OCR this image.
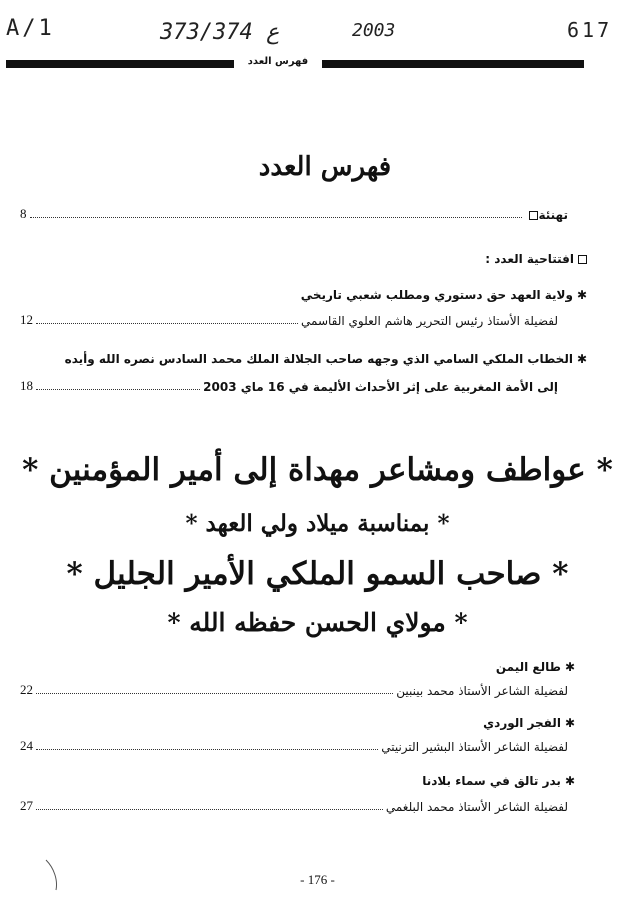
A/1	373/374 ع	2003	617
فهرس العدد
فهرس العدد
8	تهنئة
افتتاحية العدد :
✱ولاية العهد حق دستوري ومطلب شعبي تاريخي
12	لفضيلة الأستاذ رئيس التحرير هاشم العلوي القاسمي
✱الخطاب الملكي السامي الذي وجهه صاحب الجلالة الملك محمد السادس نصره الله وأيده
18	إلى الأمة المغربية على إثر الأحداث الأليمة في 16 ماي 2003
* عواطف ومشاعر مهداة إلى أمير المؤمنين *
* بمناسبة ميلاد ولي العهد *
* صاحب السمو الملكي الأمير الجليل *
* مولاي الحسن حفظه الله *
✱طالع اليمن
22	لفضيلة الشاعر الأستاذ محمد بينبين
✱الفجر الوردي
24	لفضيلة الشاعر الأستاذ البشير الترنيتي
✱بدر تالق في سماء بلادنا
27	لفضيلة الشاعر الأستاذ محمد البلغمي
- 176 -
